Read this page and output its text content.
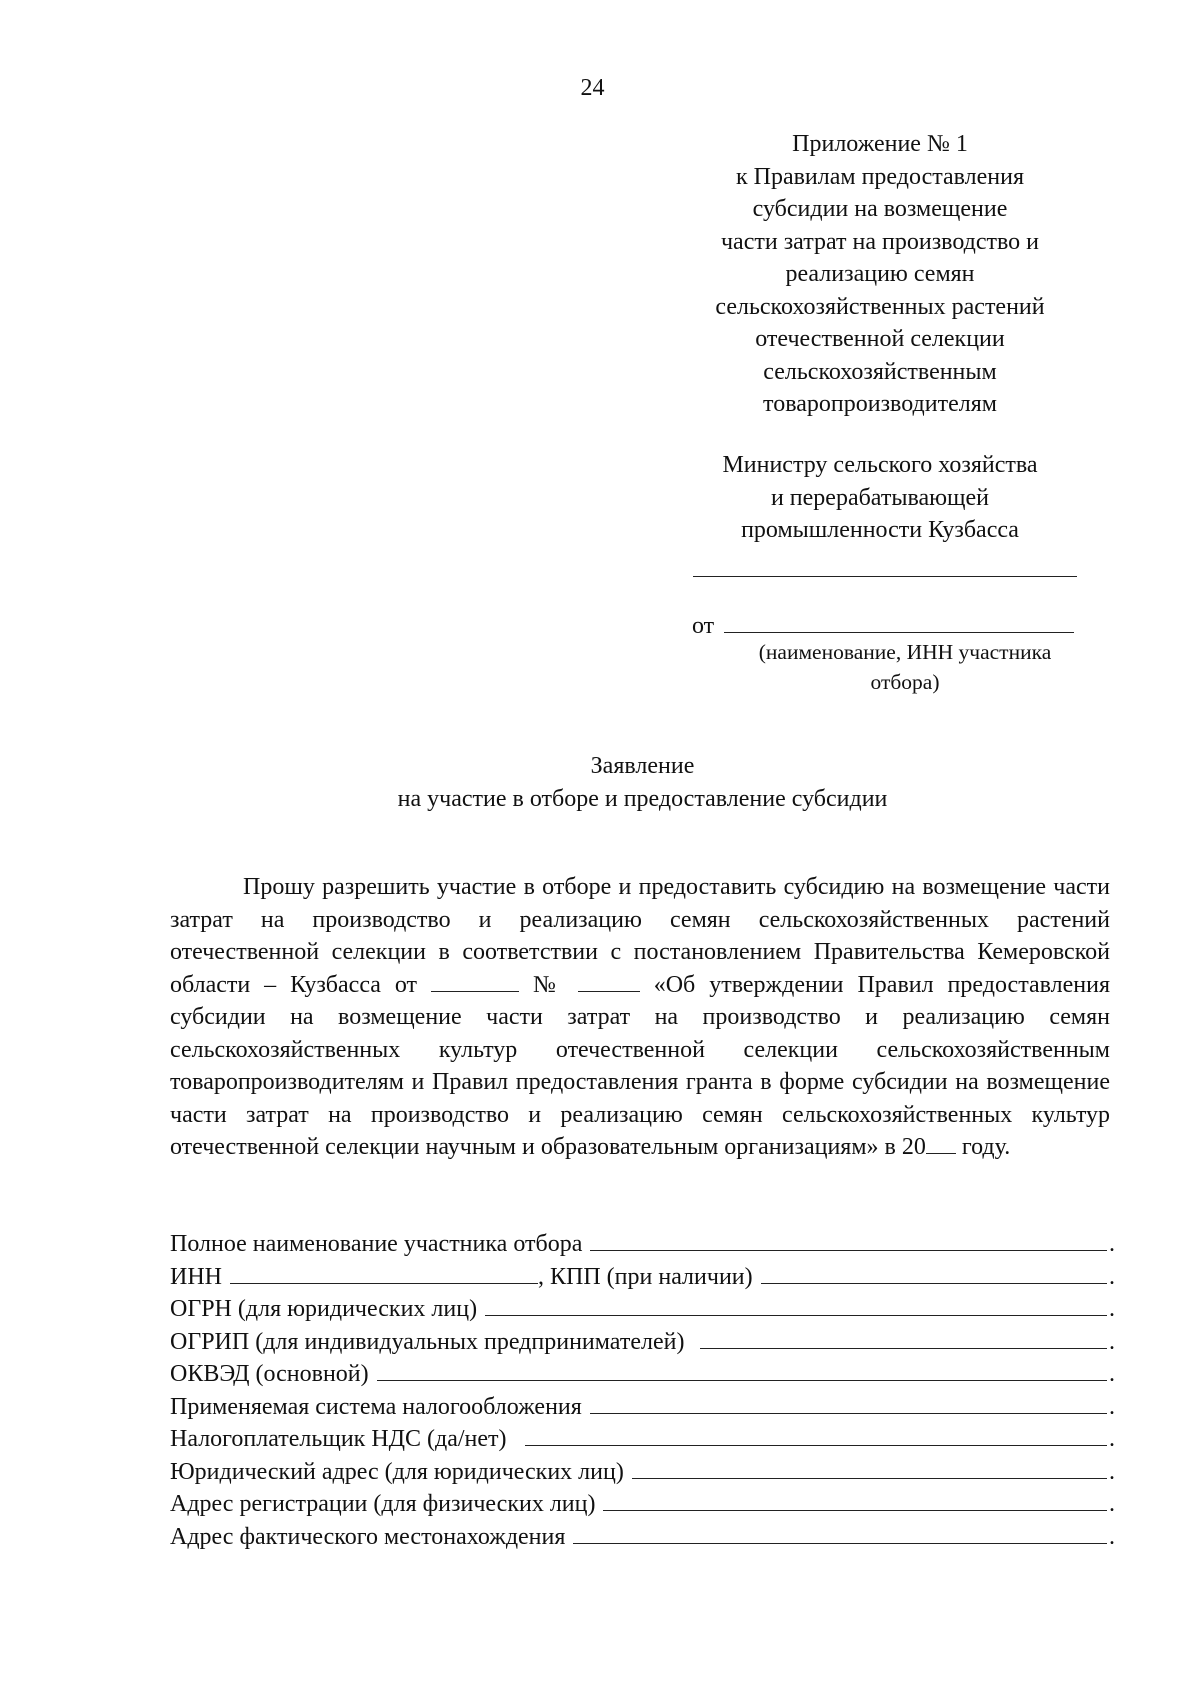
24
Приложение № 1
к Правилам предоставления
субсидии на возмещение
части затрат на производство и
реализацию семян
сельскохозяйственных растений
отечественной селекции
сельскохозяйственным
товаропроизводителям
Министру сельского хозяйства
и перерабатывающей
промышленности Кузбасса
от
(наименование, ИНН участника
отбора)
Заявление
на участие в отборе и предоставление субсидии

Прошу разрешить участие в отборе и предоставить субсидию на возмещение части затрат на производство и реализацию семян сельскохозяйственных растений отечественной селекции в соответствии с постановлением Правительства Кемеровской области – Кузбасса от	№	«Об утверждении Правил предоставления субсидии на возмещение части затрат на производство и реализацию семян сельскохозяйственных культур отечественной селекции сельскохозяйственным товаропроизводителям и Правил предоставления гранта в форме субсидии на возмещение части затрат на производство и реализацию семян сельскохозяйственных культур отечественной селекции научным и образовательным организациям» в 20 году.

Полное наименование участника отбора	.
ИНН	, КПП (при наличии)	.
ОГРН (для юридических лиц)	.
ОГРИП (для индивидуальных предпринимателей)	.
ОКВЭД (основной)	.
Применяемая система налогообложения	.
Налогоплательщик НДС (да/нет)	.
Юридический адрес (для юридических лиц)	.
Адрес регистрации (для физических лиц)	.
Адрес фактического местонахождения	.
